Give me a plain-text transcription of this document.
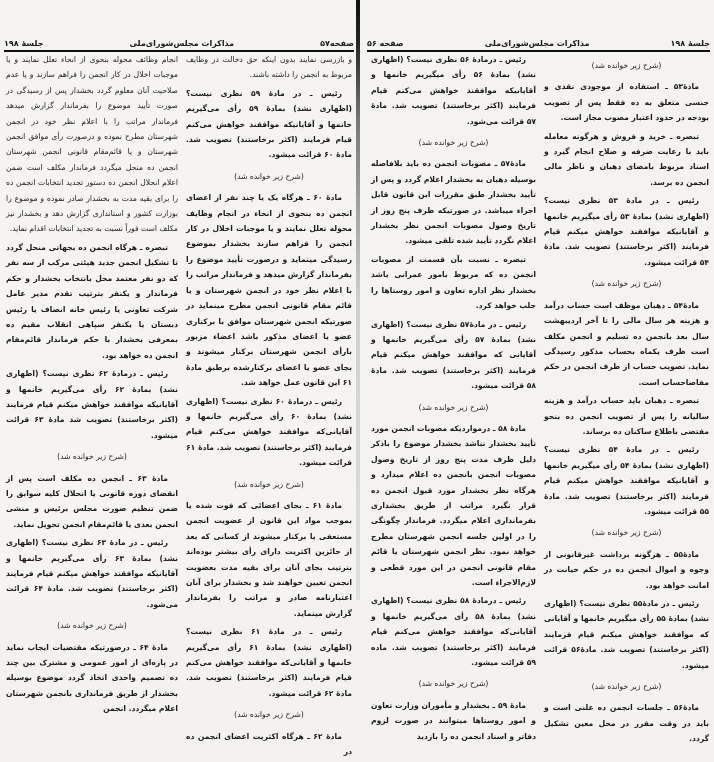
صفحه۵۷
مذاکرات مجلس‌شورای‌ملی
جلسهٔ ۱۹۸

و بازرسی نمایند بدون اینکه حق دخالت در وظایف مربوط به انجمن را داشته باشند.

رئیس ـ در مادهٔ ۵۹ نظری نیست؟ (اظهاری نشد) بمادهٔ ۵۹ رأی می‌گیریم خانمها و آقایانیکه موافقند خواهش می‌کنم قیام فرمایند (اکثر برخاستند) تصویب شد. مادهٔ ۶۰ قرائت میشود.

(شرح زیر خوانده شد)

مادهٔ ۶۰ ـ هرگاه یک یا چند نفر از اعضای انجمن ده بنحوی از انحاء در انجام وظایف محوله تعلل نمایند و یا موجبات اخلال در کار انجمن را فراهم سازند بخشدار بموضوع رسیدگی مینماید و درصورت تأیید موضوع را بفرماندار گزارش میدهد و فرماندار مراتب را با اعلام نظر خود در انجمن شهرستان و یا قائم مقام قانونی انجمن مطرح مینماید در صورتیکه انجمن شهرستان موافق با برکناری عضو یا اعضای مذکور باشد اعضاء مزبور بارأی انجمن شهرستان برکنار میشوند و بجای عضو یا اعضای برکنارشده برطبق مادهٔ ۶۱ این قانون عمل خواهد شد.

رئیس ـ درمادهٔ ۶۰ نظری نیست؟ (اظهاری نشد) بمادهٔ ۶۰ رأی می‌گیریم خانمها و آقایانی‌که موافقند خواهش می‌کنم قیام فرمایند (اکثر برخاستند) تصویب شد. مادهٔ ۶۱ قرائت میشود.

(شرح زیر خوانده شد)

مادهٔ ۶۱ ـ بجای اعضائی که فوت شده یا بموجب مواد این قانون از عضویت انجمن مستعفی یا برکنار میشوند از کسانی که بعد از حائزین اکثریت دارای رأی بیشتر بوده‌اند بترتیب بجای آنان برای بقیه مدت بعضویت انجمن تعیین خواهند شد و بخشدار برای آنان اعتبارنامه صادر و مراتب را بفرماندار گزارش مینماید.

رئیس ـ در مادهٔ ۶۱ نظری نیست؟ (اظهاری نشد) بمادهٔ ۶۱ رأی می‌گیریم خانمها و آقایانی‌که موافقند خواهش می‌کنم قیام فرمایند (اکثر برخاستند) تصویب شد. مادهٔ ۶۲ قرائت میشود.

(شرح زیر خوانده شد)

مادهٔ ۶۲ ـ هرگاه اکثریت اعضای انجمن ده در

انجام وظائف محوله بنحوی از انحاء تعلل نمایند و یا موجبات اخلال در کار انجمن را فراهم سازند و یا عدم صلاحیت آنان معلوم گردد بخشدار پس از رسیدگی در صورت تأیید موضوع را بفرماندار گزارش میدهد فرماندار مراتب را با اعلام نظر خود در انجمن شهرستان مطرح نموده و درصورت رأی موافق انجمن شهرستان و یا قائم‌مقام قانونی انجمن شهرستان انجمن ده منحل میگردد فرماندار مکلف است ضمن اعلام انحلال انجمن ده دستور تجدید انتخابات انجمن ده را برای بقیه مدت به بخشدار صادر نموده و موضوع را بوزارت کشور و استانداری گزارش دهد و بخشدار نیز مکلف است فوراً نسبت به تجدید انتخابات اقدام نماید.

تبصره ـ هرگاه انجمن ده بجهاتی منحل گردد تا تشکیل انجمن جدید هیئتی مرکب از سه نفر که دو نفر معتمد محل بانتخاب بخشدار و حکم فرماندار و یکنفر بترتیب تقدم مدیر عامل شرکت تعاونی یا رئیس خانه انصاف یا رئیس دبستان یا یکنفر سپاهی انقلاب مقیم ده بمعرفی بخشدار با حکم فرماندار قائم‌مقام انجمن ده خواهد بود.

رئیس ـ درمادهٔ ۶۲ نظری نیست؟ (اظهاری نشد) بمادهٔ ۶۲ رأی می‌گیریم خانمها و آقایانیکه موافقند خواهش میکنم قیام فرمایند (اکثر برخاستند) تصویب شد مادهٔ ۶۳ قرائت میشود.

(شرح زیر خوانده شد)

مادهٔ ۶۳ ـ انجمن ده مکلف است پس از انقضای دوره قانونی یا انحلال کلیه سوابق را ضمن تنظیم صورت مجلس برئیس و منشی انجمن بعدی یا قائم‌مقام انجمن تحویل نماید.

رئیس ـ در مادهٔ ۶۳ نظری نیست؟ (اظهاری نشد) بمادهٔ ۶۳ رأی می‌گیریم خانمها و آقایانیکه موافقند خواهش میکنم قیام فرمایند (اکثر برخاستند) تصویب شد. مادهٔ ۶۴ قرائت می‌شود.

(شرح زیر خوانده شد)

مادهٔ ۶۴ ـ درصورتیکه مقتضیات ایجاب نماید در پاره‌ای از امور عمومی و مشترک بین چند ده تصمیم واحدی اتخاذ گردد موضوع بوسیله بخشدار از طریق فرمانداری بانجمن شهرستان اعلام میگردد. انجمن

جلسهٔ ۱۹۸
مذاکرات مجلس‌شورای‌ملی
صفحه ۵۶

(شرح زیر خوانده شد)

مادهٔ۵۳ ـ استفاده از موجودی نقدی و جنسی متعلق به ده فقط پس از تصویب بودجه در حدود اعتبار مصوب مجاز است.

تبصره ـ خرید و فروش و هرگونه معامله باید با رعایت صرفه و صلاح انجام گیرد و اسناد مربوط بامضای دهبان و ناظر مالی انجمن ده برسد.

رئیس ـ در مادهٔ ۵۳ نظری نیست؟ (اظهاری نشد) بمادهٔ ۵۳ رأی میگیریم خانمها و آقایانیکه موافقند خواهش میکنم قیام فرمایند (اکثر برخاستند) تصویب شد. مادهٔ ۵۴ قرائت میشود.

(شرح زیر خوانده شد)

مادهٔ۵۴ ـ دهبان موظف است حساب درآمد و هزینه هر سال مالی را تا آخر اردیبهشت سال بعد بانجمن ده تسلیم و انجمن مکلف است ظرف یکماه بحساب مذکور رسیدگی نماید. تصویب حساب از طرف انجمن در حکم مفاصاحساب است.

تبصره ـ دهبان باید حساب درآمد و هزینه سالیانه را پس از تصویب انجمن ده بنحو مقتضی باطلاع ساکنان ده برساند.

رئیس ـ در مادهٔ ۵۴ نظری نیست؟ (اظهاری نشد) بمادهٔ ۵۴ رأی میگیریم خانمها و آقایانیکه موافقند خواهش میکنم قیام فرمایند (اکثر برخاستند) تصویب شد. مادهٔ ۵۵ قرائت میشود.

(شرح زیر خوانده شد)

مادهٔ۵۵ ـ هرگونه برداشت غیرقانونی از وجوه و اموال انجمن ده در حکم خیانت در امانت خواهد بود.

رئیس ـ در مادهٔ۵۵ نظری نیست؟ (اظهاری نشد) بمادهٔ ۵۵ رأی میگیریم خانمها و آقایانی که موافقند خواهش میکنم قیام فرمایند (اکثر برخاستند) تصویب شد. مادهٔ۵۶ قرائت میشود.

(شرح زیر خوانده شد)

مادهٔ۵۶ ـ جلسات انجمن ده علنی است و باید در وقت مقرر در محل معین تشکیل گردد.

رئیس ـ درمادهٔ ۵۶ نظری نیست؟ (اظهاری نشد) بمادهٔ ۵۶ رأی میگیریم خانمها و آقایانیکه موافقند خواهش می‌کنم قیام فرمایند (اکثر برخاستند) تصویب شد. مادهٔ ۵۷ قرائت می‌شود.

(شرح زیر خوانده شد)

مادهٔ۵۷ ـ مصوبات انجمن ده باید بلافاصله بوسیله دهبان به بخشدار اعلام گردد و پس از تأیید بخشدار طبق مقررات این قانون قابل اجراء میباشد. در صورتیکه ظرف پنج روز از تاریخ وصول مصوبات انجمن نظر بخشدار اعلام نگردد تأیید شده تلقی میشود.

تبصره ـ نسبت بآن قسمت از مصوبات انجمن ده که مربوط بامور عمرانی باشد بخشدار نظر اداره تعاون و امور روستاها را جلب خواهد کرد.

رئیس ـ در مادهٔ۵۷ نظری نیست؟ (اظهاری نشد) بمادهٔ ۵۷ رأی می‌گیریم خانمها و آقایانی که موافقند خواهش میکنم قیام فرمایند (اکثر برخاستند) تصویب شد. مادهٔ ۵۸ قرائت میشود.

(شرح زیر خوانده شد)

مادهٔ ۵۸ ـ درمواردیکه مصوبات انجمن مورد تأیید بخشدار نباشد بخشدار موضوع را باذکر دلیل ظرف مدت پنج روز از تاریخ وصول مصوبات انجمن بانجمن ده اعلام میدارد و هرگاه نظر بخشدار مورد قبول انجمن ده قرار نگیرد مراتب از طریق بخشداری بفرمانداری اعلام میگردد. فرماندار چگونگی را در اولین جلسه انجمن شهرستان مطرح خواهد نمود. نظر انجمن شهرستان یا قائم مقام قانونی انجمن در این مورد قطعی و لازم‌الاجراء است.

رئیس ـ درمادهٔ ۵۸ نظری نیست؟ (اظهاری نشد) بمادهٔ ۵۸ رأی می‌گیریم خانمها و آقایانی‌که موافقند خواهش می‌کنم قیام فرمایند (اکثر برخاستند) تصویب شد. ماده ۵۹ قرائت میشود.

(شرح زیر خوانده شد)

مادهٔ ۵۹ ـ بخشدار و مأموران وزارت تعاون و امور روستاها میتوانند در صورت لزوم دفاتر و اسناد انجمن ده را بازدید
